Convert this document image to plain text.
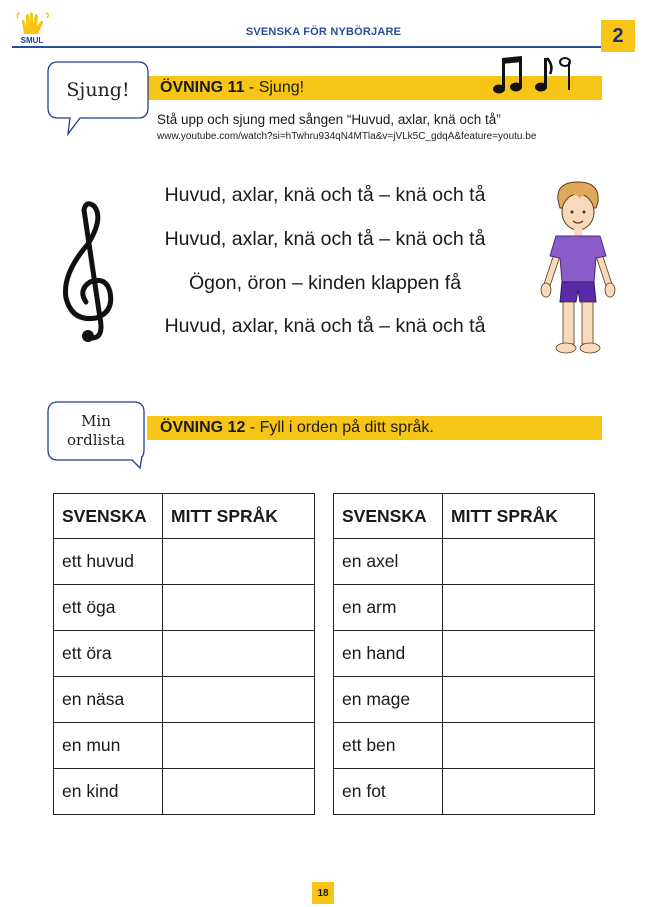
SMUL
SVENSKA FÖR NYBÖRJARE	2
Sjung!	ÖVNING 11 - Sjung!
Stå upp och sjung med sången “Huvud, axlar, knä och tå”
www.youtube.com/watch?si=hTwhru934qN4MTla&v=jVLk5C_gdqA&feature=youtu.be
Huvud, axlar, knä och tå – knä och tå
Huvud, axlar, knä och tå – knä och tå
Ögon, öron – kinden klappen få
Huvud, axlar, knä och tå – knä och tå
Min
ordlista
ÖVNING 12 - Fyll i orden på ditt språk.
SVENSKA	MITT SPRÅK
ett huvud	
ett öga	
ett öra	
en näsa	
en mun	
en kind	
SVENSKA	MITT SPRÅK
en axel	
en arm	
en hand	
en mage	
ett ben	
en fot	
18
